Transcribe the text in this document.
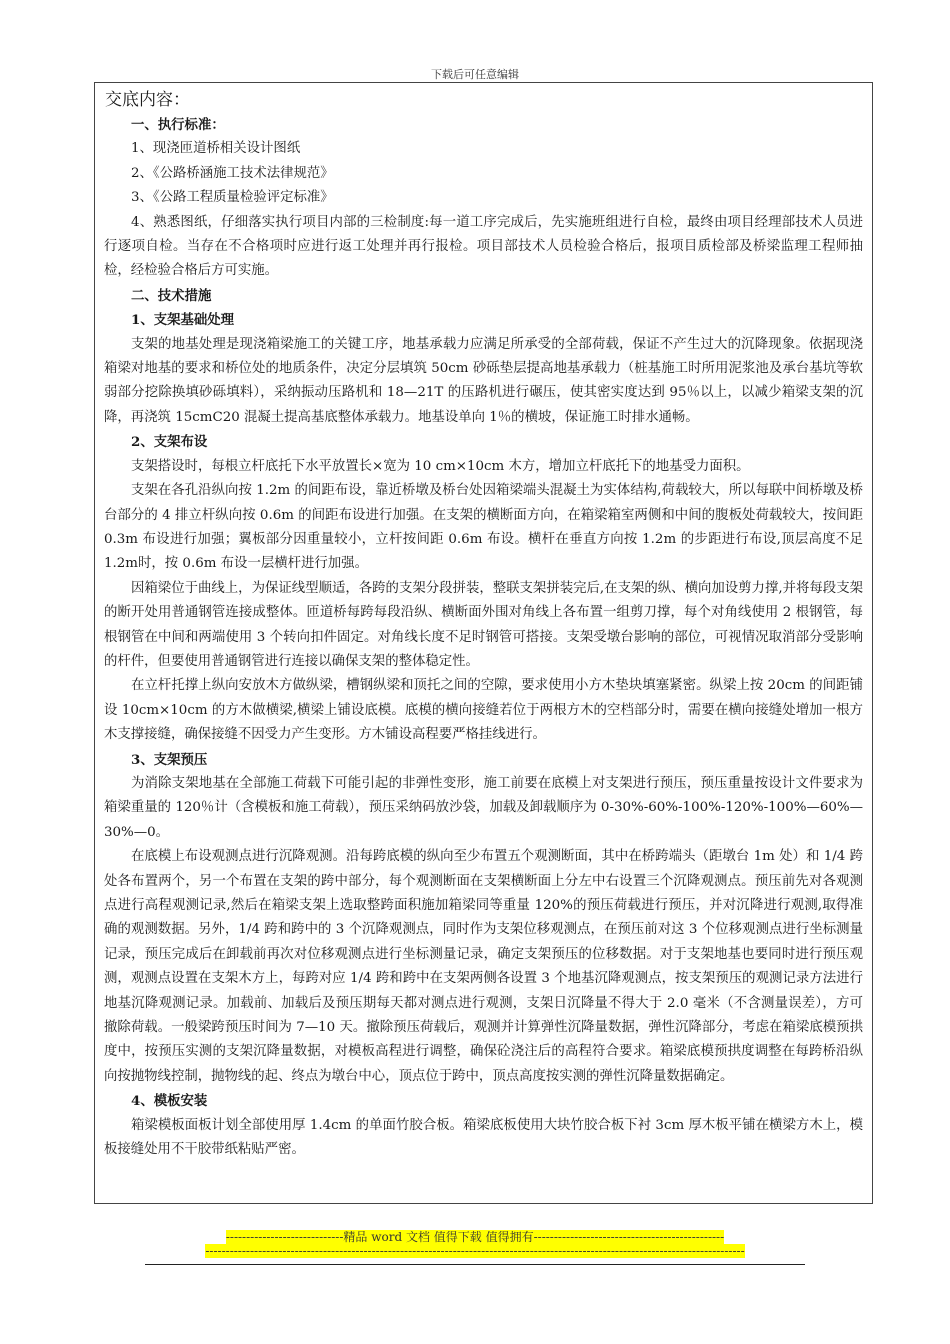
下载后可任意编辑
交底内容：
一、执行标准：
1、现浇匝道桥相关设计图纸
2、《公路桥涵施工技术法律规范》
3、《公路工程质量检验评定标准》

4、熟悉图纸，仔细落实执行项目内部的三检制度:每一道工序完成后，先实施班组进行自检，最终由项目经理部技术人员进行逐项自检。当存在不合格项时应进行返工处理并再行报检。项目部技术人员检验合格后，报项目质检部及桥梁监理工程师抽检，经检验合格后方可实施。

二、技术措施
1、支架基础处理

支架的地基处理是现浇箱梁施工的关键工序，地基承载力应满足所承受的全部荷载，保证不产生过大的沉降现象。依据现浇箱梁对地基的要求和桥位处的地质条件，决定分层填筑 50cm 砂砾垫层提高地基承载力（桩基施工时所用泥浆池及承台基坑等软弱部分挖除换填砂砾填料），采纳振动压路机和 18—21T 的压路机进行碾压，使其密实度达到 95％以上，以减少箱梁支架的沉降，再浇筑 15cmC20 混凝土提高基底整体承载力。地基设单向 1％的横坡，保证施工时排水通畅。

2、支架布设

支架搭设时，每根立杆底托下水平放置长×宽为 10 cm×10cm 木方，增加立杆底托下的地基受力面积。

支架在各孔沿纵向按 1.2m 的间距布设，靠近桥墩及桥台处因箱梁端头混凝土为实体结构,荷载较大，所以每联中间桥墩及桥台部分的 4 排立杆纵向按 0.6m 的间距布设进行加强。在支架的横断面方向，在箱梁箱室两侧和中间的腹板处荷载较大，按间距 0.3m 布设进行加强；翼板部分因重量较小，立杆按间距 0.6m 布设。横杆在垂直方向按 1.2m 的步距进行布设,顶层高度不足 1.2m时，按 0.6m 布设一层横杆进行加强。

因箱梁位于曲线上，为保证线型顺适，各跨的支架分段拼装，整联支架拼装完后,在支架的纵、横向加设剪力撑,并将每段支架的断开处用普通钢管连接成整体。匝道桥每跨每段沿纵、横断面外围对角线上各布置一组剪刀撑，每个对角线使用 2 根钢管，每根钢管在中间和两端使用 3 个转向扣件固定。对角线长度不足时钢管可搭接。支架受墩台影响的部位，可视情况取消部分受影响的杆件，但要使用普通钢管进行连接以确保支架的整体稳定性。

在立杆托撑上纵向安放木方做纵梁，槽钢纵梁和顶托之间的空隙，要求使用小方木垫块填塞紧密。纵梁上按 20cm 的间距铺设 10cm×10cm 的方木做横梁,横梁上铺设底模。底模的横向接缝若位于两根方木的空档部分时，需要在横向接缝处增加一根方木支撑接缝，确保接缝不因受力产生变形。方木铺设高程要严格挂线进行。

3、支架预压

为消除支架地基在全部施工荷载下可能引起的非弹性变形，施工前要在底模上对支架进行预压，预压重量按设计文件要求为箱梁重量的 120％计（含模板和施工荷载），预压采纳码放沙袋，加载及卸载顺序为 0-30%-60%-100%-120%-100%—60%—30%—0。

在底模上布设观测点进行沉降观测。沿每跨底模的纵向至少布置五个观测断面，其中在桥跨端头（距墩台 1m 处）和 1/4 跨处各布置两个，另一个布置在支架的跨中部分，每个观测断面在支架横断面上分左中右设置三个沉降观测点。预压前先对各观测点进行高程观测记录,然后在箱梁支架上选取整跨面积施加箱梁同等重量 120%的预压荷载进行预压，并对沉降进行观测,取得准确的观测数据。另外，1/4 跨和跨中的 3 个沉降观测点，同时作为支架位移观测点，在预压前对这 3 个位移观测点进行坐标测量记录，预压完成后在卸载前再次对位移观测点进行坐标测量记录，确定支架预压的位移数据。对于支架地基也要同时进行预压观测，观测点设置在支架木方上，每跨对应 1/4 跨和跨中在支架两侧各设置 3 个地基沉降观测点，按支架预压的观测记录方法进行地基沉降观测记录。加载前、加载后及预压期每天都对测点进行观测，支架日沉降量不得大于 2.0 毫米（不含测量误差），方可撤除荷载。一般梁跨预压时间为 7—10 天。撤除预压荷载后，观测并计算弹性沉降量数据，弹性沉降部分，考虑在箱梁底模预拱度中，按预压实测的支架沉降量数据，对模板高程进行调整，确保砼浇注后的高程符合要求。箱梁底模预拱度调整在每跨桥沿纵向按抛物线控制，抛物线的起、终点为墩台中心，顶点位于跨中，顶点高度按实测的弹性沉降量数据确定。

4、模板安装

箱梁模板面板计划全部使用厚 1.4cm 的单面竹胶合板。箱梁底板使用大块竹胶合板下衬 3cm 厚木板平铺在横梁方木上，模板接缝处用不干胶带纸粘贴严密。

-----------------------------精品 word 文档 值得下载 值得拥有-----------------------------------------------
-------------------------------------------------------------------------------------------------------------------------------------
